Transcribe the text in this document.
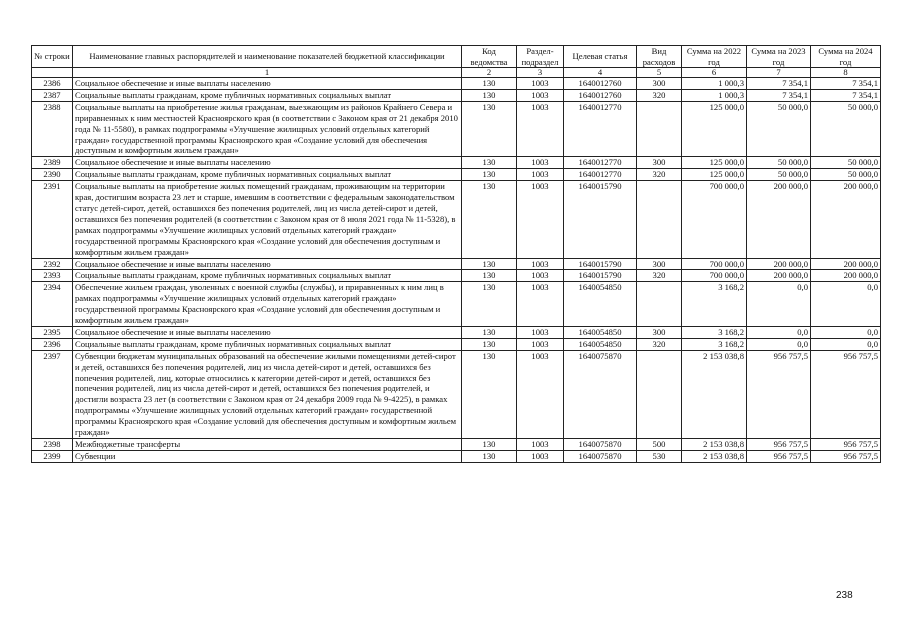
№ строки	Наименование главных распорядителей и наименование показателей бюджетной классификации	Код ведомства	Раздел-подраздел	Целевая статья	Вид расходов	Сумма на 2022 год	Сумма на 2023 год	Сумма на 2024 год
	1	2	3	4	5	6	7	8
2386	Социальное обеспечение и иные выплаты населению	130	1003	1640012760	300	1 000,3	7 354,1	7 354,1
2387	Социальные выплаты гражданам, кроме публичных нормативных социальных выплат	130	1003	1640012760	320	1 000,3	7 354,1	7 354,1
2388	Социальные выплаты на приобретение жилья гражданам, выезжающим из районов Крайнего Севера и приравненных к ним местностей Красноярского края (в соответствии с Законом края от 21 декабря 2010 года № 11-5580), в рамках подпрограммы «Улучшение жилищных условий отдельных категорий граждан» государственной программы Красноярского края «Создание условий для обеспечения доступным и комфортным жильем граждан»	130	1003	1640012770		125 000,0	50 000,0	50 000,0
2389	Социальное обеспечение и иные выплаты населению	130	1003	1640012770	300	125 000,0	50 000,0	50 000,0
2390	Социальные выплаты гражданам, кроме публичных нормативных социальных выплат	130	1003	1640012770	320	125 000,0	50 000,0	50 000,0
2391	Социальные выплаты на приобретение жилых помещений гражданам, проживающим на территории края, достигшим возраста 23 лет и старше, имевшим в соответствии с федеральным законодательством статус детей-сирот, детей, оставшихся без попечения родителей, лиц из числа детей-сирот и детей, оставшихся без попечения родителей (в соответствии с Законом края от 8 июля 2021 года № 11-5328), в рамках подпрограммы «Улучшение жилищных условий отдельных категорий граждан» государственной программы Красноярского края «Создание условий для обеспечения доступным и комфортным жильем граждан»	130	1003	1640015790		700 000,0	200 000,0	200 000,0
2392	Социальное обеспечение и иные выплаты населению	130	1003	1640015790	300	700 000,0	200 000,0	200 000,0
2393	Социальные выплаты гражданам, кроме публичных нормативных социальных выплат	130	1003	1640015790	320	700 000,0	200 000,0	200 000,0
2394	Обеспечение жильем граждан, уволенных с военной службы (службы), и приравненных к ним лиц в рамках подпрограммы «Улучшение жилищных условий отдельных категорий граждан» государственной программы Красноярского края «Создание условий для обеспечения доступным и комфортным жильем граждан»	130	1003	1640054850		3 168,2	0,0	0,0
2395	Социальное обеспечение и иные выплаты населению	130	1003	1640054850	300	3 168,2	0,0	0,0
2396	Социальные выплаты гражданам, кроме публичных нормативных социальных выплат	130	1003	1640054850	320	3 168,2	0,0	0,0
2397	Субвенции бюджетам муниципальных образований на обеспечение жилыми помещениями детей-сирот и детей, оставшихся без попечения родителей, лиц из числа детей-сирот и детей, оставшихся без попечения родителей, лиц, которые относились к категории детей-сирот и детей, оставшихся без попечения родителей, лиц из числа детей-сирот и детей, оставшихся без попечения родителей, и достигли возраста 23 лет (в соответствии с Законом края от 24 декабря 2009 года № 9-4225), в рамках подпрограммы «Улучшение жилищных условий отдельных категорий граждан» государственной программы Красноярского края «Создание условий для обеспечения доступным и комфортным жильем граждан»	130	1003	1640075870		2 153 038,8	956 757,5	956 757,5
2398	Межбюджетные трансферты	130	1003	1640075870	500	2 153 038,8	956 757,5	956 757,5
2399	Субвенции	130	1003	1640075870	530	2 153 038,8	956 757,5	956 757,5
238
